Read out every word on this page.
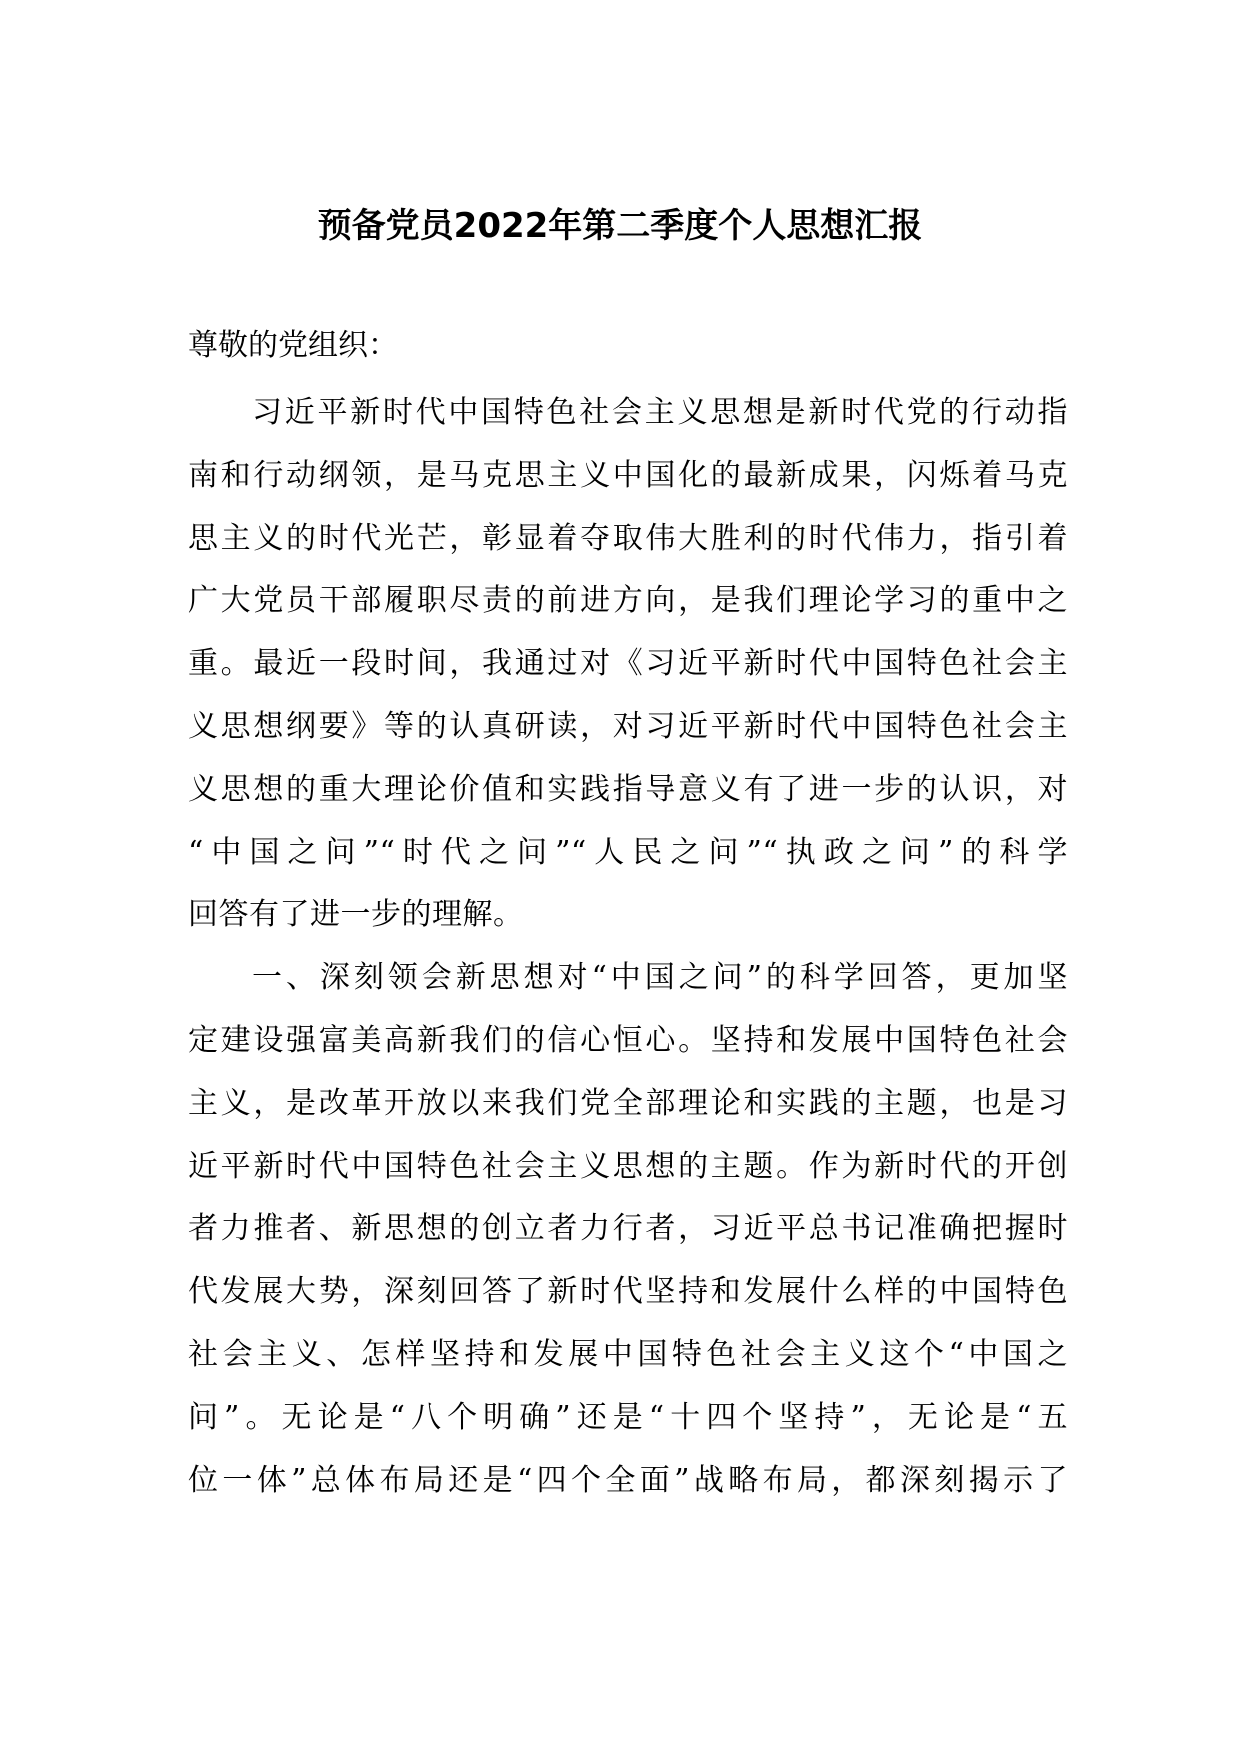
预备党员2022年第二季度个人思想汇报
尊敬的党组织：
习近平新时代中国特色社会主义思想是新时代党的行动指
南和行动纲领，是马克思主义中国化的最新成果，闪烁着马克
思主义的时代光芒，彰显着夺取伟大胜利的时代伟力，指引着
广大党员干部履职尽责的前进方向，是我们理论学习的重中之
重。最近一段时间，我通过对《习近平新时代中国特色社会主
义思想纲要》等的认真研读，对习近平新时代中国特色社会主
义思想的重大理论价值和实践指导意义有了进一步的认识，对
“中国之问”“时代之问”“人民之问”“执政之问”的科学
回答有了进一步的理解。
一、深刻领会新思想对“中国之问”的科学回答，更加坚
定建设强富美高新我们的信心恒心。坚持和发展中国特色社会
主义，是改革开放以来我们党全部理论和实践的主题，也是习
近平新时代中国特色社会主义思想的主题。作为新时代的开创
者力推者、新思想的创立者力行者，习近平总书记准确把握时
代发展大势，深刻回答了新时代坚持和发展什么样的中国特色
社会主义、怎样坚持和发展中国特色社会主义这个“中国之
问”。无论是“八个明确”还是“十四个坚持”，无论是“五
位一体”总体布局还是“四个全面”战略布局，都深刻揭示了
